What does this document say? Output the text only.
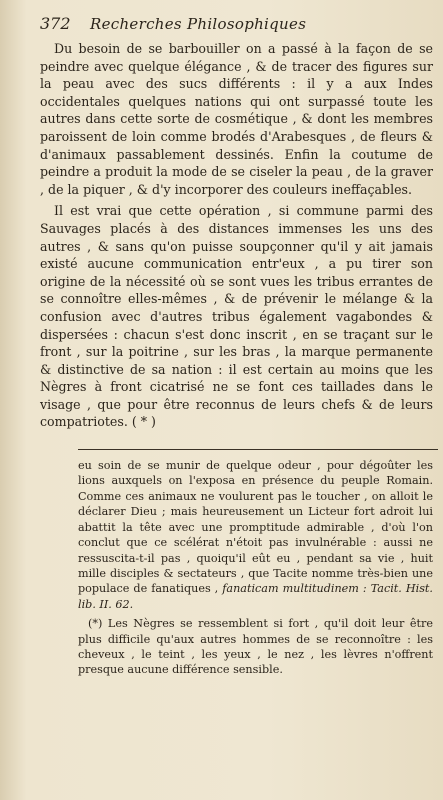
372	Recherches Philosophiques

Du besoin de se barbouiller on a passé à la façon de se peindre avec quelque élégance , & de tracer des figures sur la peau avec des sucs différents : il y a aux Indes occidentales quelques nations qui ont surpassé toute les autres dans cette sorte de cosmétique , & dont les membres paroissent de loin comme brodés d'Arabesques , de fleurs & d'animaux passablement dessinés. Enfin la coutume de peindre a produit la mode de se ciseler la peau , de la graver , de la piquer , & d'y incorporer des couleurs ineffaçables.

Il est vrai que cette opération , si commune parmi des Sauvages placés à des distances immenses les uns des autres , & sans qu'on puisse soupçonner qu'il y ait jamais existé aucune communication entr'eux , a pu tirer son origine de la nécessité où se sont vues les tribus errantes de se connoître elles-mêmes , & de prévenir le mélange & la confusion avec d'autres tribus également vagabondes & dispersées : chacun s'est donc inscrit , en se traçant sur le front , sur la poitrine , sur les bras , la marque permanente & distinctive de sa nation : il est certain au moins que les Nègres à front cicatrisé ne se font ces taillades dans le visage , que pour être reconnus de leurs chefs & de leurs compatriotes. ( * )

eu soin de se munir de quelque odeur , pour dégoûter les lions auxquels on l'exposa en présence du peuple Romain. Comme ces animaux ne voulurent pas le toucher , on alloit le déclarer Dieu ; mais heureusement un Licteur fort adroit lui abattit la tête avec une promptitude admirable , d'où l'on conclut que ce scélérat n'étoit pas invulnérable : aussi ne ressuscita-t-il pas , quoiqu'il eût eu , pendant sa vie , huit mille disciples & sectateurs , que Tacite nomme très-bien une populace de fanatiques , fanaticam multitudinem : Tacit. Hist. lib. II. 62.

(*) Les Nègres se ressemblent si fort , qu'il doit leur être plus difficile qu'aux autres hommes de se reconnoître : les cheveux , le teint , les yeux , le nez , les lèvres n'offrent presque aucune différence sensible.
